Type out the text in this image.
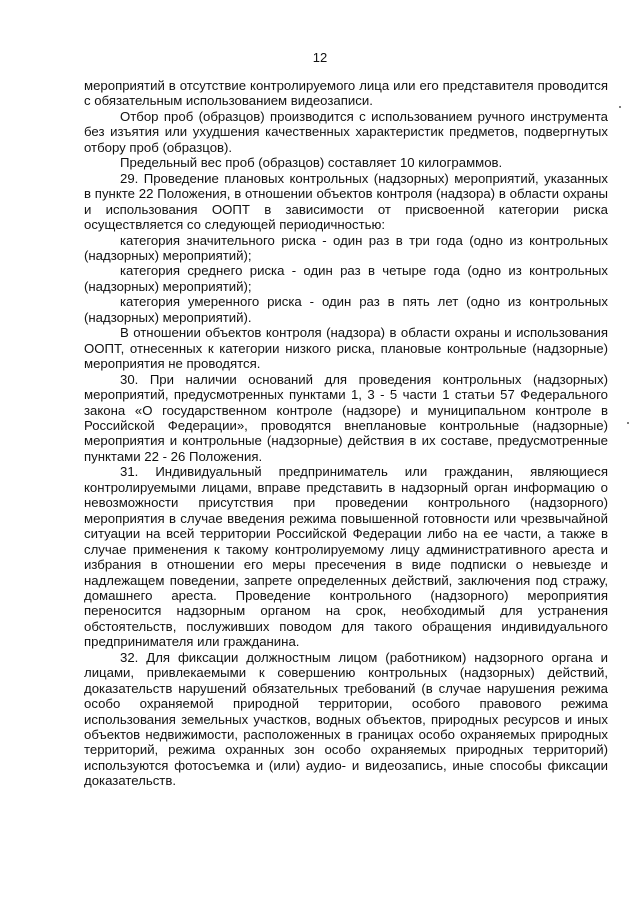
12

мероприятий в отсутствие контролируемого лица или его представителя проводится с обязательным использованием видеозаписи.

Отбор проб (образцов) производится с использованием ручного инструмента без изъятия или ухудшения качественных характеристик предметов, подвергнутых отбору проб (образцов).

Предельный вес проб (образцов) составляет 10 килограммов.

29. Проведение плановых контрольных (надзорных) мероприятий, указанных в пункте 22 Положения, в отношении объектов контроля (надзора) в области охраны и использования ООПТ в зависимости от присвоенной категории риска осуществляется со следующей периодичностью:

категория значительного риска - один раз в три года (одно из контрольных (надзорных) мероприятий);

категория среднего риска - один раз в четыре года (одно из контрольных (надзорных) мероприятий);

категория умеренного риска - один раз в пять лет (одно из контрольных (надзорных) мероприятий).

В отношении объектов контроля (надзора) в области охраны и использования ООПТ, отнесенных к категории низкого риска, плановые контрольные (надзорные) мероприятия не проводятся.

30. При наличии оснований для проведения контрольных (надзорных) мероприятий, предусмотренных пунктами 1, 3 - 5 части 1 статьи 57 Федерального закона «О государственном контроле (надзоре) и муниципальном контроле в Российской Федерации», проводятся внеплановые контрольные (надзорные) мероприятия и контрольные (надзорные) действия в их составе, предусмотренные пунктами 22 - 26 Положения.

31. Индивидуальный предприниматель или гражданин, являющиеся контролируемыми лицами, вправе представить в надзорный орган информацию о невозможности присутствия при проведении контрольного (надзорного) мероприятия в случае введения режима повышенной готовности или чрезвычайной ситуации на всей территории Российской Федерации либо на ее части, а также в случае применения к такому контролируемому лицу административного ареста и избрания в отношении его меры пресечения в виде подписки о невыезде и надлежащем поведении, запрете определенных действий, заключения под стражу, домашнего ареста. Проведение контрольного (надзорного) мероприятия переносится надзорным органом на срок, необходимый для устранения обстоятельств, послуживших поводом для такого обращения индивидуального предпринимателя или гражданина.

32. Для фиксации должностным лицом (работником) надзорного органа и лицами, привлекаемыми к совершению контрольных (надзорных) действий, доказательств нарушений обязательных требований (в случае нарушения режима особо охраняемой природной территории, особого правового режима использования земельных участков, водных объектов, природных ресурсов и иных объектов недвижимости, расположенных в границах особо охраняемых природных территорий, режима охранных зон особо охраняемых природных территорий) используются фотосъемка и (или) аудио- и видеозапись, иные способы фиксации доказательств.
